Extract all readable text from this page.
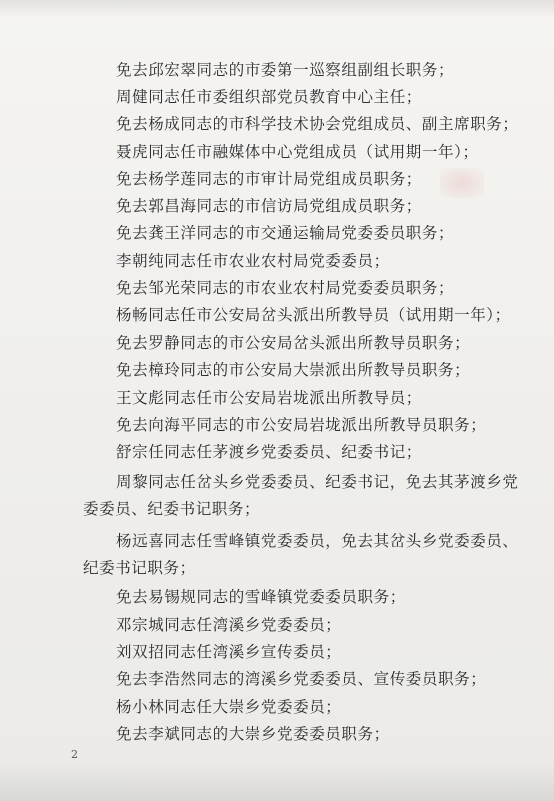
免去邱宏翠同志的市委第一巡察组副组长职务；
周健同志任市委组织部党员教育中心主任；
免去杨成同志的市科学技术协会党组成员、副主席职务；
聂虎同志任市融媒体中心党组成员（试用期一年）；
免去杨学莲同志的市审计局党组成员职务；
免去郭昌海同志的市信访局党组成员职务；
免去龚王洋同志的市交通运输局党委委员职务；
李朝纯同志任市农业农村局党委委员；
免去邹光荣同志的市农业农村局党委委员职务；
杨畅同志任市公安局岔头派出所教导员（试用期一年）；
免去罗静同志的市公安局岔头派出所教导员职务；
免去樟玲同志的市公安局大崇派出所教导员职务；
王文彪同志任市公安局岩垅派出所教导员；
免去向海平同志的市公安局岩垅派出所教导员职务；
舒宗任同志任茅渡乡党委委员、纪委书记；
周黎同志任岔头乡党委委员、纪委书记，免去其茅渡乡党
委委员、纪委书记职务；
杨远喜同志任雪峰镇党委委员，免去其岔头乡党委委员、
纪委书记职务；
免去易锡规同志的雪峰镇党委委员职务；
邓宗城同志任湾溪乡党委委员；
刘双招同志任湾溪乡宣传委员；
免去李浩然同志的湾溪乡党委委员、宣传委员职务；
杨小林同志任大崇乡党委委员；
免去李斌同志的大崇乡党委委员职务；
2
